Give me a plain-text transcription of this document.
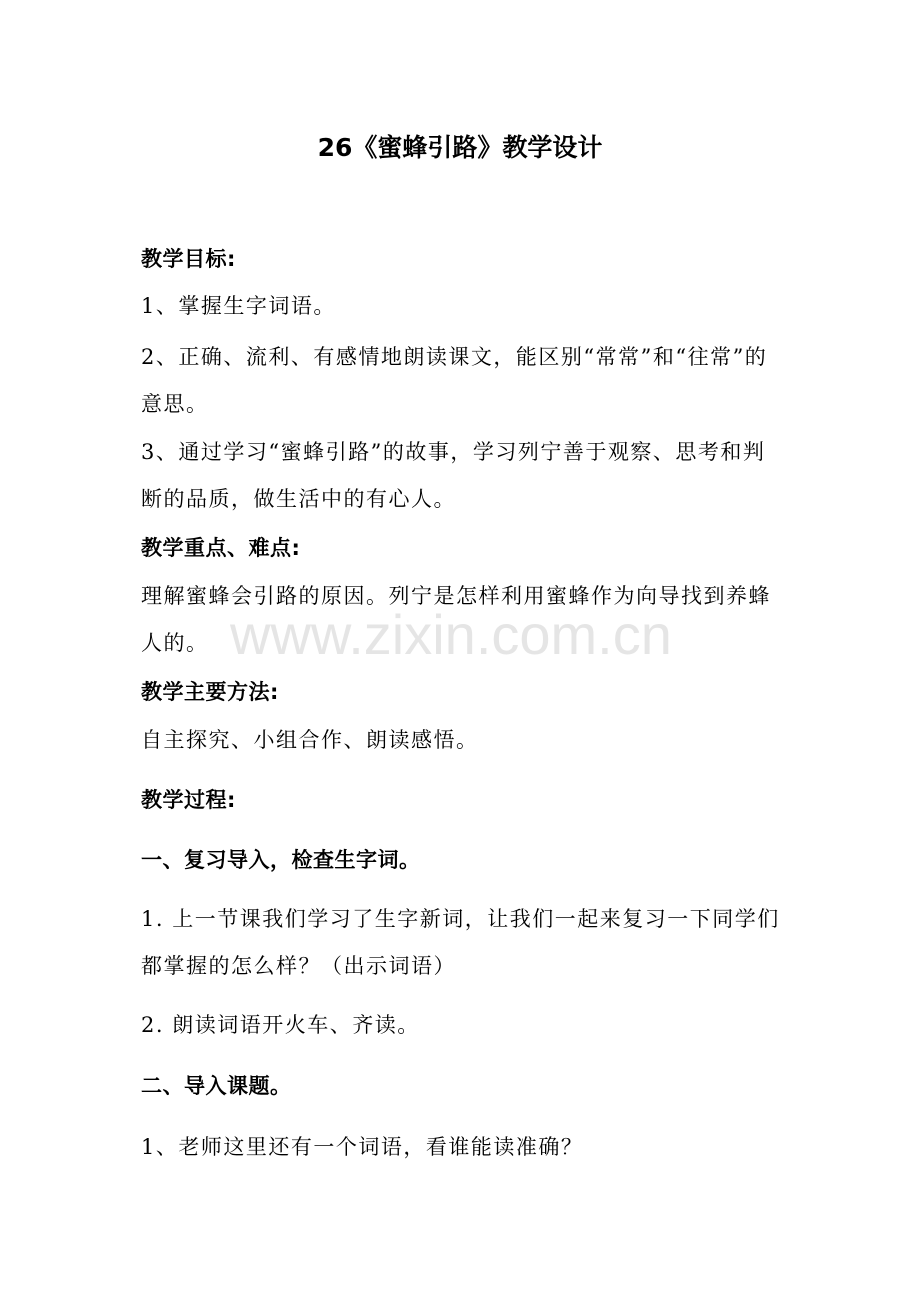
26《蜜蜂引路》教学设计

教学目标:

1、掌握生字词语。

2、正确、流利、有感情地朗读课文，能区别“常常”和“往常”的意思。

3、通过学习“蜜蜂引路”的故事，学习列宁善于观察、思考和判断的品质，做生活中的有心人。

教学重点、难点:

理解蜜蜂会引路的原因。列宁是怎样利用蜜蜂作为向导找到养蜂人的。

教学主要方法:

自主探究、小组合作、朗读感悟。

教学过程:

一、复习导入，检查生字词。

1. 上一节课我们学习了生字新词，让我们一起来复习一下同学们都掌握的怎么样？（出示词语）

2. 朗读词语开火车、齐读。

二、导入课题。

1、老师这里还有一个词语，看谁能读准确？

www.zixin.com.cn
